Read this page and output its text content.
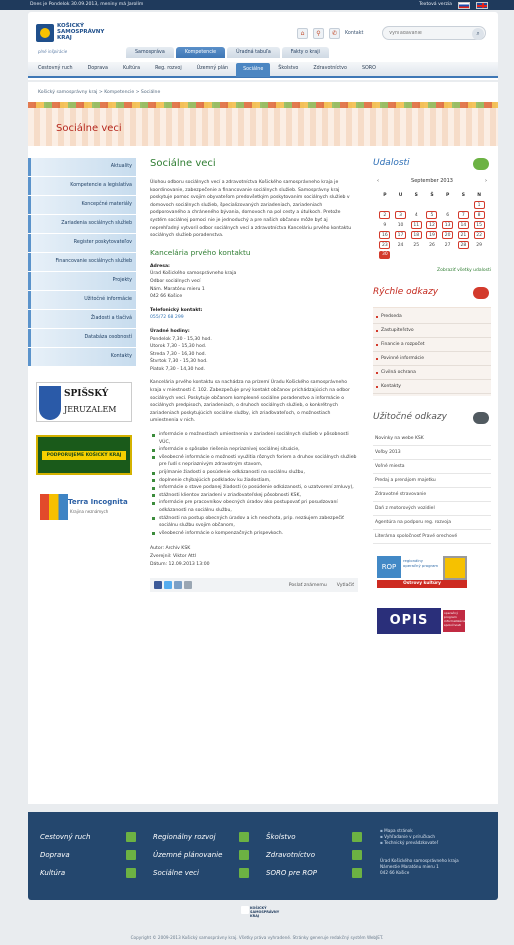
Dnes je Pondelok 30.09.2013, meniny má Jarolím	Textová verzia
KOŠICKÝ
SAMOSPRÁVNY
KRAJ
plné inšpirácie
⌂	⚲	✆	Kontakt
Vyhľadávanie	⌕
Samospráva	Kompetencie	Úradná tabuľa	Fakty o kraji
Cestovný ruch	Doprava	Kultúra	Reg. rozvoj	Územný plán	Sociálne	Školstvo	Zdravotníctvo	SORO
Košický samosprávny kraj > Kompetencie > Sociálne
Sociálne veci
Aktuality
Kompetencie a legislatíva
Koncepčné materiály
Zariadenia sociálnych služieb
Register poskytovateľov
Financovanie sociálnych služieb
Projekty
Užitočné informácie
Žiadosti a tlačivá
Databáza osobností
Kontakty
SPIŠSKÝ
JERUZALEM
PODPORUJEME KOŠICKÝ KRAJ
Terra Incognita
Krajina neznámych
Sociálne veci

Úlohou odboru sociálnych vecí a zdravotníctva Košického samosprávneho kraja je koordinovanie, zabezpečenie a financovanie sociálnych služieb. Samosprávny kraj poskytuje pomoc svojim obyvateľom predovšetkým poskytovaním sociálnych služieb v domovoch sociálnych služieb, špecializovaných zariadeniach, zariadeniach podporovaného a chráneného bývania, domovoch na pol cesty a útulkoch. Pretože systém sociálnej pomoci nie je jednoduchý a pre našich občanov môže byť aj neprehľadný vytvoril odbor sociálnych vecí a zdravotníctva Kanceláriu prvého kontaktu sociálnych služieb poradenstva.

Kancelária prvého kontaktu

Adresa:
Úrad Košického samosprávneho kraja
Odbor sociálnych vecí
Nám. Maratónu mieru 1
042 66 Košice

Telefonický kontakt:
055/72 68 299

Úradné hodiny:
Pondelok 7,30 - 15,30 hod.
Utorok 7,30 - 15,30 hod.
Streda 7,30 - 16,30 hod.
Štvrtok 7,30 - 15,30 hod.
Piatok 7,30 - 14,30 hod.

Kancelária prvého kontaktu sa nachádza na prízemí Úradu Košického samosprávneho kraja v miestnosti č. 102. Zabezpečuje prvý kontakt občanov prichádzajúcich na odbor sociálnych vecí. Poskytuje občanom komplexné sociálne poradenstvo a informácie o sociálnych predpisoch, zariadeniach, o druhoch sociálnych služieb, o konkrétnych zariadeniach poskytujúcich sociálne služby, ich zriaďovateľoch, o možnostiach umiestnenia v nich.

informácie o možnostiach umiestnenia v zariadení sociálnych služieb v pôsobnosti VÚC,
informácie o spôsobe riešenia nepriaznivej sociálnej situácie,
všeobecné informácie o možnosti využitia rôznych foriem a druhov sociálnych služieb pre ľudí s nepriaznivým zdravotným stavom,
prijímanie žiadostí o posúdenie odkázanosti na sociálnu službu,
doplnenie chýbajúcich podkladov ku žiadostiam,
informácie o stave podanej žiadosti (o posúdenie odkázanosti, o uzatvorení zmluvy),
stážnosti klientov zariadení v zriaďovateľskej pôsobnosti KSK,
informácie pre pracovníkov obecných úradov ako postupovať pri posudzovaní odkázanosti na sociálnu službu,
stážnosti na postup obecných úradov a ich neochota, prip. nezáujem zabezpečiť sociálnu službu svojim občanom,
všeobecné informácie o kompenzačných príspevkoch.

Autor: Archív KSK
Zverejnil: Viktor Attl
Dátum: 12.09.2013 13:00

Poslať známemu Vytlačiť
Udalosti
‹	September 2013	›
P	U	S	Š	P	S	N
						1
2	3	4	5	6	7	8
9	10	11	12	13	14	15
16	17	18	19	20	21	22
23	24	25	26	27	28	29
30						
Zobraziť všetky udalosti
Rýchle odkazy
Predseda
Zastupiteľstvo
Financie a rozpočet
Povinné informácie
Civilná ochrana
Kontakty
Užitočné odkazy
Novinky na webe KSK
Voľby 2013
Voľné miesta
Predaj a prenájom majetku
Zdravotné stravovanie
Daň z motorových vozidiel
Agentúra na podporu reg. rozvoja
Literárna spoločnosť Pravé orechové
ROP
regionálny operačný program
Ostrovy kultúry
OPIS	operačný program informatizácia spoločnosti
Cestovný ruch
Doprava
Kultúra
Regionálny rozvoj
Územné plánovanie
Sociálne veci
Školstvo
Zdravotníctvo
SORO pre ROP
▪ Mapa stránok
▪ Vyhľadanie v príručkach
▪ Technický prevádzkovateľ
Úrad Košického samosprávneho kraja
Námestie Maratónu mieru 1
042 66 Košice
KOŠICKÝ
SAMOSPRÁVNY
KRAJ
Copyright © 2009-2013 Košický samosprávny kraj. Všetky práva vyhradené. Stránky generuje redakčný systém WebJET.
